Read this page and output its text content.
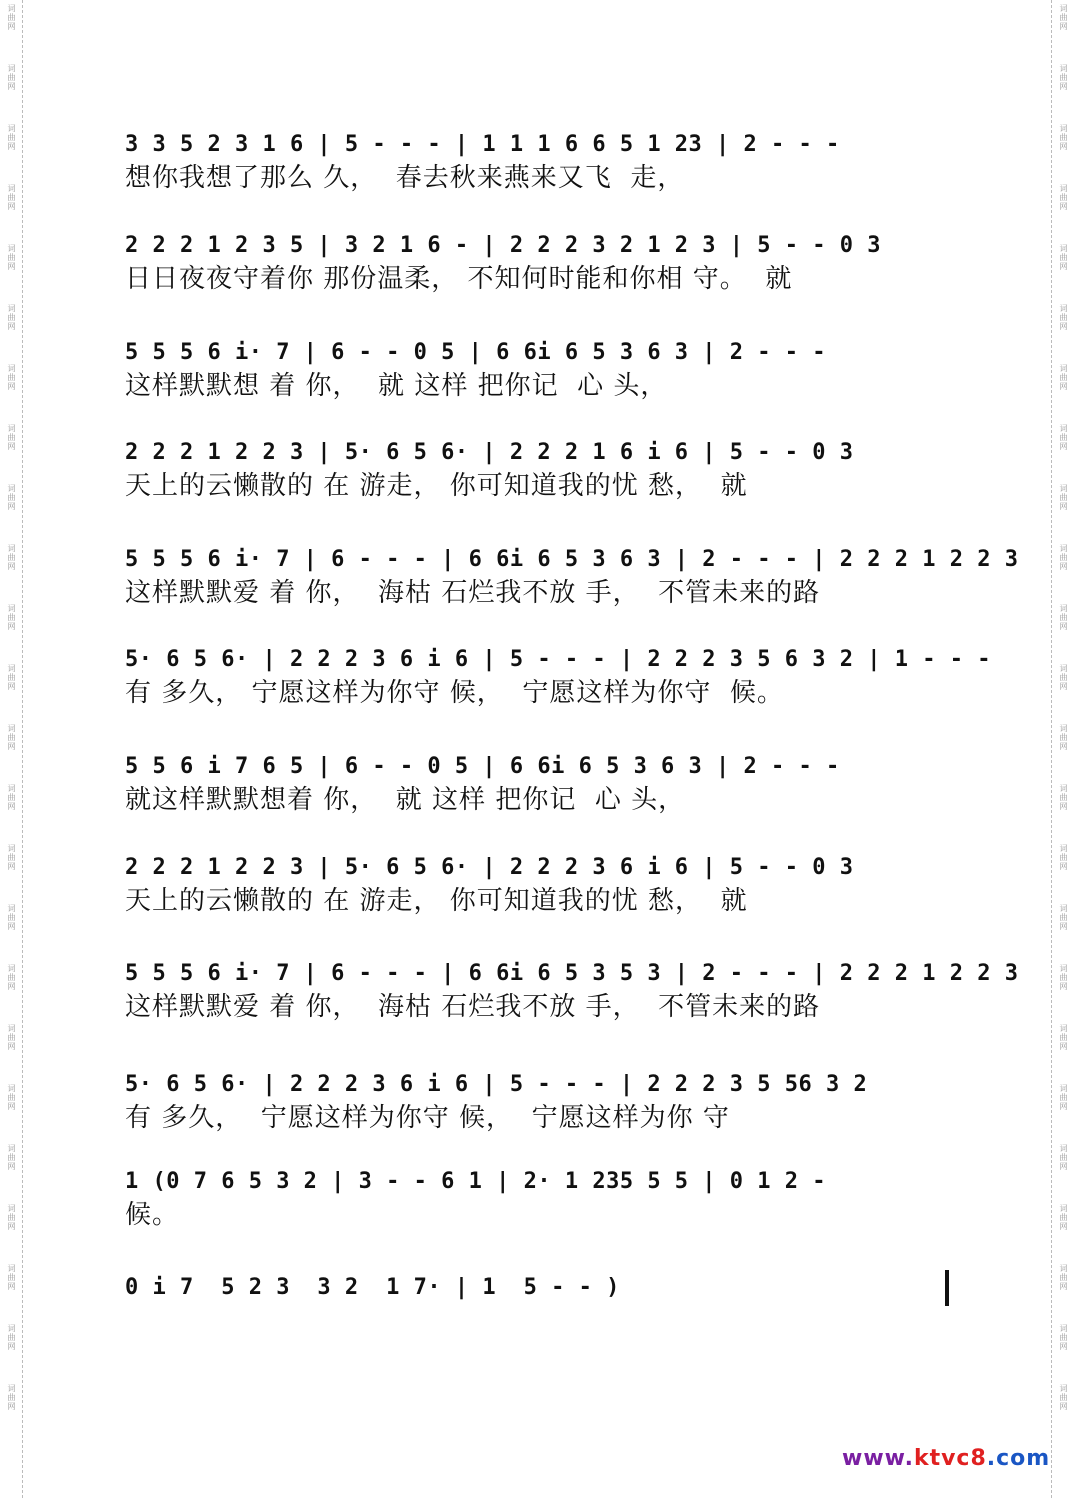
词曲网
词曲网
词曲网
词曲网
词曲网
词曲网
词曲网
词曲网
词曲网
词曲网
词曲网
词曲网
词曲网
词曲网
词曲网
词曲网
词曲网
词曲网
词曲网
词曲网
词曲网
词曲网
词曲网
词曲网
词曲网
词曲网
词曲网
词曲网
词曲网
词曲网
词曲网
词曲网
词曲网
词曲网
词曲网
词曲网
词曲网
词曲网
词曲网
词曲网
词曲网
词曲网
词曲网
词曲网
词曲网
词曲网
词曲网
词曲网
3 3 5 2 3 1 6 | 5 - - - | 1 1 1 6 6 5 1 23 | 2 - - -
想你我想了那么 久，  春去秋来燕来又飞  走，
2 2 2 1 2 3 5 | 3 2 1 6 - | 2 2 2 3 2 1 2 3 | 5 - - 0 3
日日夜夜守着你 那份温柔， 不知何时能和你相 守。  就
5 5 5 6 i· 7 | 6 - - 0 5 | 6 6i 6 5 3 6 3 | 2 - - -
这样默默想 着 你，  就 这样 把你记  心 头，
2 2 2 1 2 2 3 | 5· 6 5 6· | 2 2 2 1 6 i 6 | 5 - - 0 3
天上的云懒散的 在 游走， 你可知道我的忧 愁，  就
5 5 5 6 i· 7 | 6 - - - | 6 6i 6 5 3 6 3 | 2 - - - | 2 2 2 1 2 2 3
这样默默爱 着 你，  海枯 石烂我不放 手，  不管未来的路
5· 6 5 6· | 2 2 2 3 6 i 6 | 5 - - - | 2 2 2 3 5 6 3 2 | 1 - - -
有 多久， 宁愿这样为你守 候，  宁愿这样为你守  候。
5 5 6 i 7 6 5 | 6 - - 0 5 | 6 6i 6 5 3 6 3 | 2 - - -
就这样默默想着 你，  就 这样 把你记  心 头，
2 2 2 1 2 2 3 | 5· 6 5 6· | 2 2 2 3 6 i 6 | 5 - - 0 3
天上的云懒散的 在 游走， 你可知道我的忧 愁，  就
5 5 5 6 i· 7 | 6 - - - | 6 6i 6 5 3 5 3 | 2 - - - | 2 2 2 1 2 2 3
这样默默爱 着 你，  海枯 石烂我不放 手，  不管未来的路
5· 6 5 6· | 2 2 2 3 6 i 6 | 5 - - - | 2 2 2 3 5 56 3 2
有 多久，  宁愿这样为你守 候，  宁愿这样为你 守
1 (0 7 6 5 3 2 | 3 - - 6 1 | 2· 1 235 5 5 | 0 1 2 -
候。
0 i 7  5 2 3  3 2  1 7· | 1  5 - - )
www.ktvc8.com
